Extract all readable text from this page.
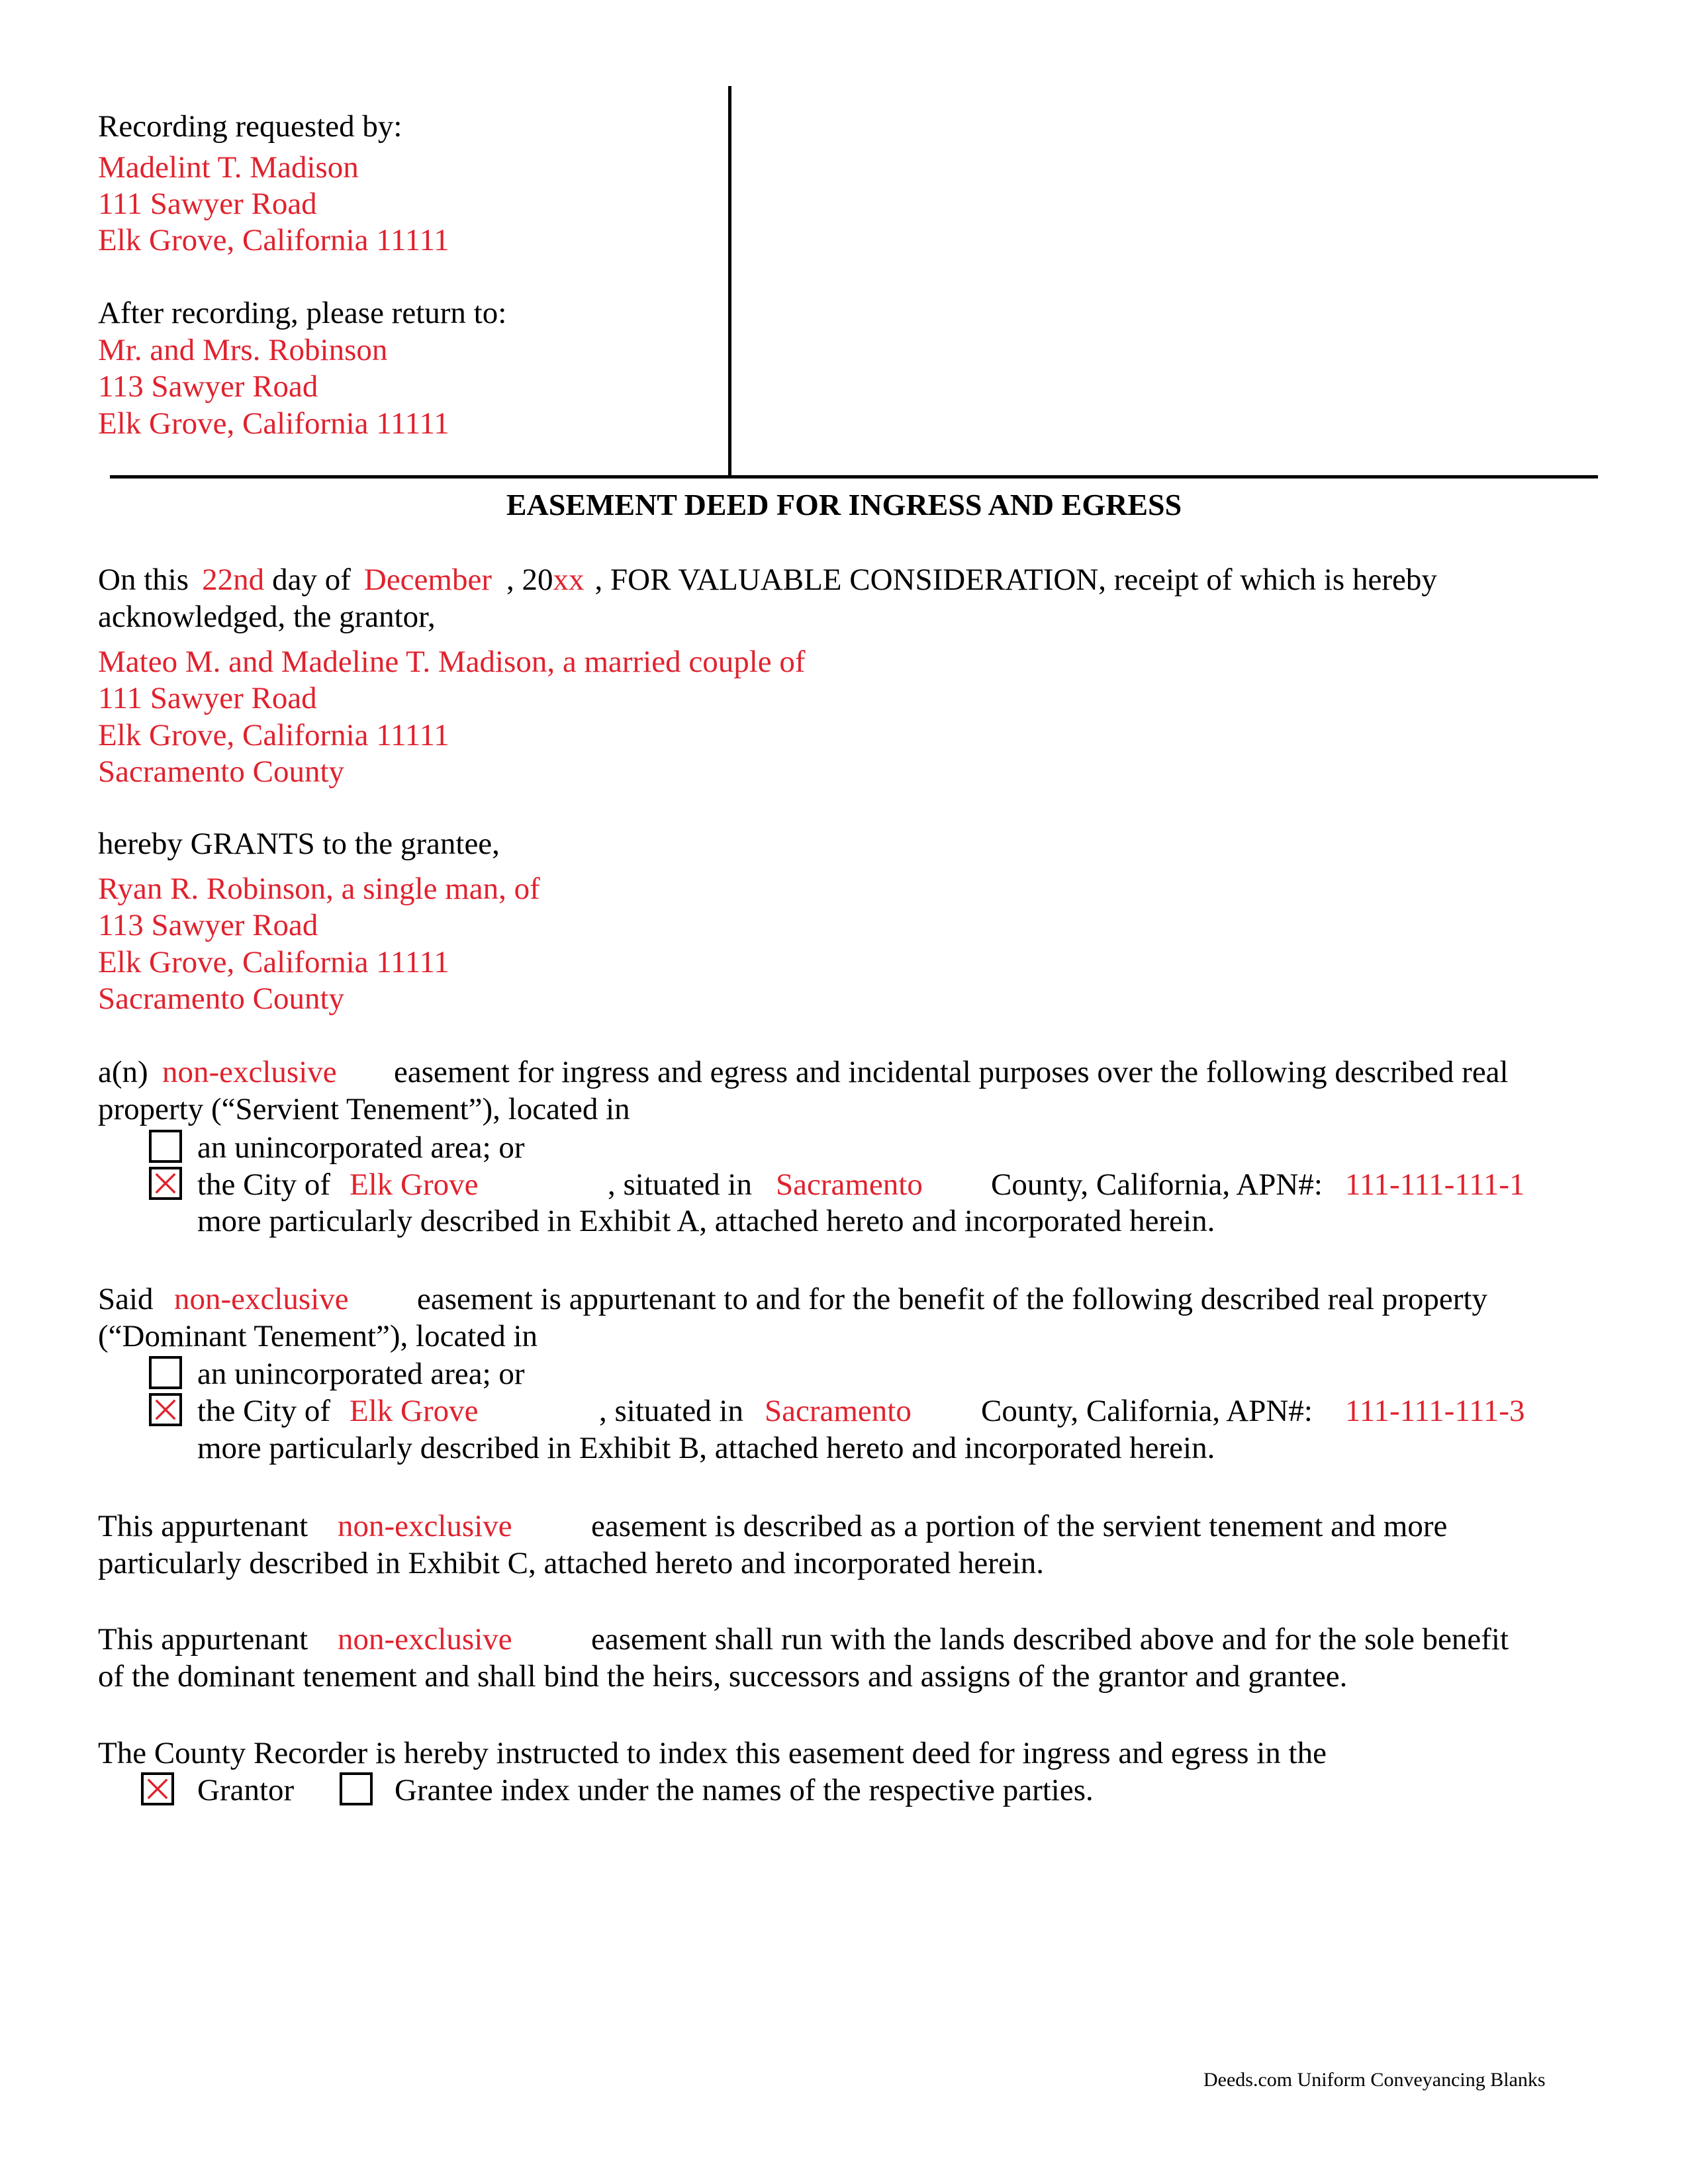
Recording requested by:
Madelint T. Madison
111 Sawyer Road
Elk Grove, California 11111
After recording, please return to:
Mr. and Mrs. Robinson
113 Sawyer Road
Elk Grove, California 11111
EASEMENT DEED FOR INGRESS AND EGRESS
On this 22nd day of December , 20xx , FOR VALUABLE CONSIDERATION, receipt of which is hereby
acknowledged, the grantor,
Mateo M. and Madeline T. Madison, a married couple of
111 Sawyer Road
Elk Grove, California 11111
Sacramento County
hereby GRANTS to the grantee,
Ryan R. Robinson, a single man, of
113 Sawyer Road
Elk Grove, California 11111
Sacramento County
a(n) non-exclusive easement for ingress and egress and incidental purposes over the following described real
property (“Servient Tenement”), located in
an unincorporated area; or
the City of Elk Grove	, situated in Sacramento County, California, APN#: 111-111-111-1
more particularly described in Exhibit A, attached hereto and incorporated herein.
Said non-exclusive easement is appurtenant to and for the benefit of the following described real property
(“Dominant Tenement”), located in
an unincorporated area; or
the City of Elk Grove	, situated in Sacramento County, California, APN#: 111-111-111-3
more particularly described in Exhibit B, attached hereto and incorporated herein.
This appurtenant non-exclusive	easement is described as a portion of the servient tenement and more
particularly described in Exhibit C, attached hereto and incorporated herein.
This appurtenant non-exclusive	easement shall run with the lands described above and for the sole benefit
of the dominant tenement and shall bind the heirs, successors and assigns of the grantor and grantee.
The County Recorder is hereby instructed to index this easement deed for ingress and egress in the
Grantor	Grantee index under the names of the respective parties.
Deeds.com Uniform Conveyancing Blanks
